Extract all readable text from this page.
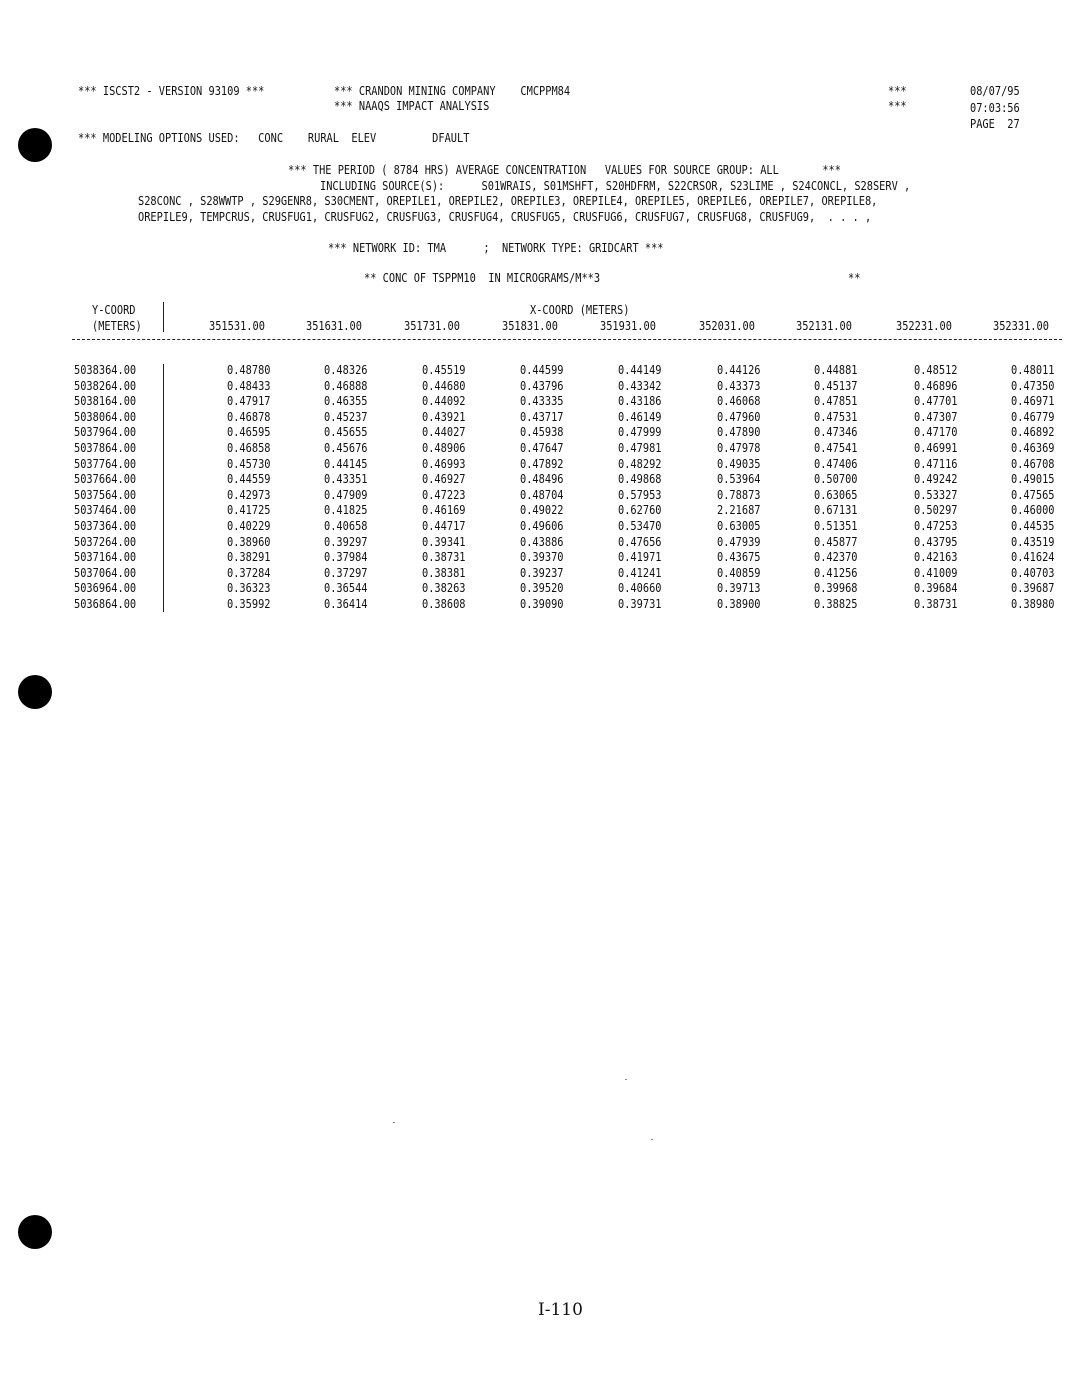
*** ISCST2 - VERSION 93109 ***	*** CRANDON MINING COMPANY    CMCPPM84
*** NAAQS IMPACT ANALYSIS
***
***
08/07/95
07:03:56
PAGE  27
*** MODELING OPTIONS USED:   CONC    RURAL  ELEV         DFAULT
*** THE PERIOD ( 8784 HRS) AVERAGE CONCENTRATION   VALUES FOR SOURCE GROUP: ALL       ***
INCLUDING SOURCE(S):      S01WRAIS, S01MSHFT, S20HDFRM, S22CRSOR, S23LIME , S24CONCL, S28SERV ,
S28CONC , S28WWTP , S29GENR8, S30CMENT, OREPILE1, OREPILE2, OREPILE3, OREPILE4, OREPILE5, OREPILE6, OREPILE7, OREPILE8,
OREPILE9, TEMPCRUS, CRUSFUG1, CRUSFUG2, CRUSFUG3, CRUSFUG4, CRUSFUG5, CRUSFUG6, CRUSFUG7, CRUSFUG8, CRUSFUG9,  . . . ,
*** NETWORK ID: TMA      ;  NETWORK TYPE: GRIDCART ***
** CONC OF TSPPM10  IN MICROGRAMS/M**3	**
Y-COORD
(METERS)
X-COORD (METERS)
351531.00	351631.00	351731.00	351831.00	351931.00	352031.00	352131.00	352231.00	352331.00
5038364.00	0.48780	0.48326	0.45519	0.44599	0.44149	0.44126	0.44881	0.48512	0.48011
5038264.00	0.48433	0.46888	0.44680	0.43796	0.43342	0.43373	0.45137	0.46896	0.47350
5038164.00	0.47917	0.46355	0.44092	0.43335	0.43186	0.46068	0.47851	0.47701	0.46971
5038064.00	0.46878	0.45237	0.43921	0.43717	0.46149	0.47960	0.47531	0.47307	0.46779
5037964.00	0.46595	0.45655	0.44027	0.45938	0.47999	0.47890	0.47346	0.47170	0.46892
5037864.00	0.46858	0.45676	0.48906	0.47647	0.47981	0.47978	0.47541	0.46991	0.46369
5037764.00	0.45730	0.44145	0.46993	0.47892	0.48292	0.49035	0.47406	0.47116	0.46708
5037664.00	0.44559	0.43351	0.46927	0.48496	0.49868	0.53964	0.50700	0.49242	0.49015
5037564.00	0.42973	0.47909	0.47223	0.48704	0.57953	0.78873	0.63065	0.53327	0.47565
5037464.00	0.41725	0.41825	0.46169	0.49022	0.62760	2.21687	0.67131	0.50297	0.46000
5037364.00	0.40229	0.40658	0.44717	0.49606	0.53470	0.63005	0.51351	0.47253	0.44535
5037264.00	0.38960	0.39297	0.39341	0.43886	0.47656	0.47939	0.45877	0.43795	0.43519
5037164.00	0.38291	0.37984	0.38731	0.39370	0.41971	0.43675	0.42370	0.42163	0.41624
5037064.00	0.37284	0.37297	0.38381	0.39237	0.41241	0.40859	0.41256	0.41009	0.40703
5036964.00	0.36323	0.36544	0.38263	0.39520	0.40660	0.39713	0.39968	0.39684	0.39687
5036864.00	0.35992	0.36414	0.38608	0.39090	0.39731	0.38900	0.38825	0.38731	0.38980
I-110
